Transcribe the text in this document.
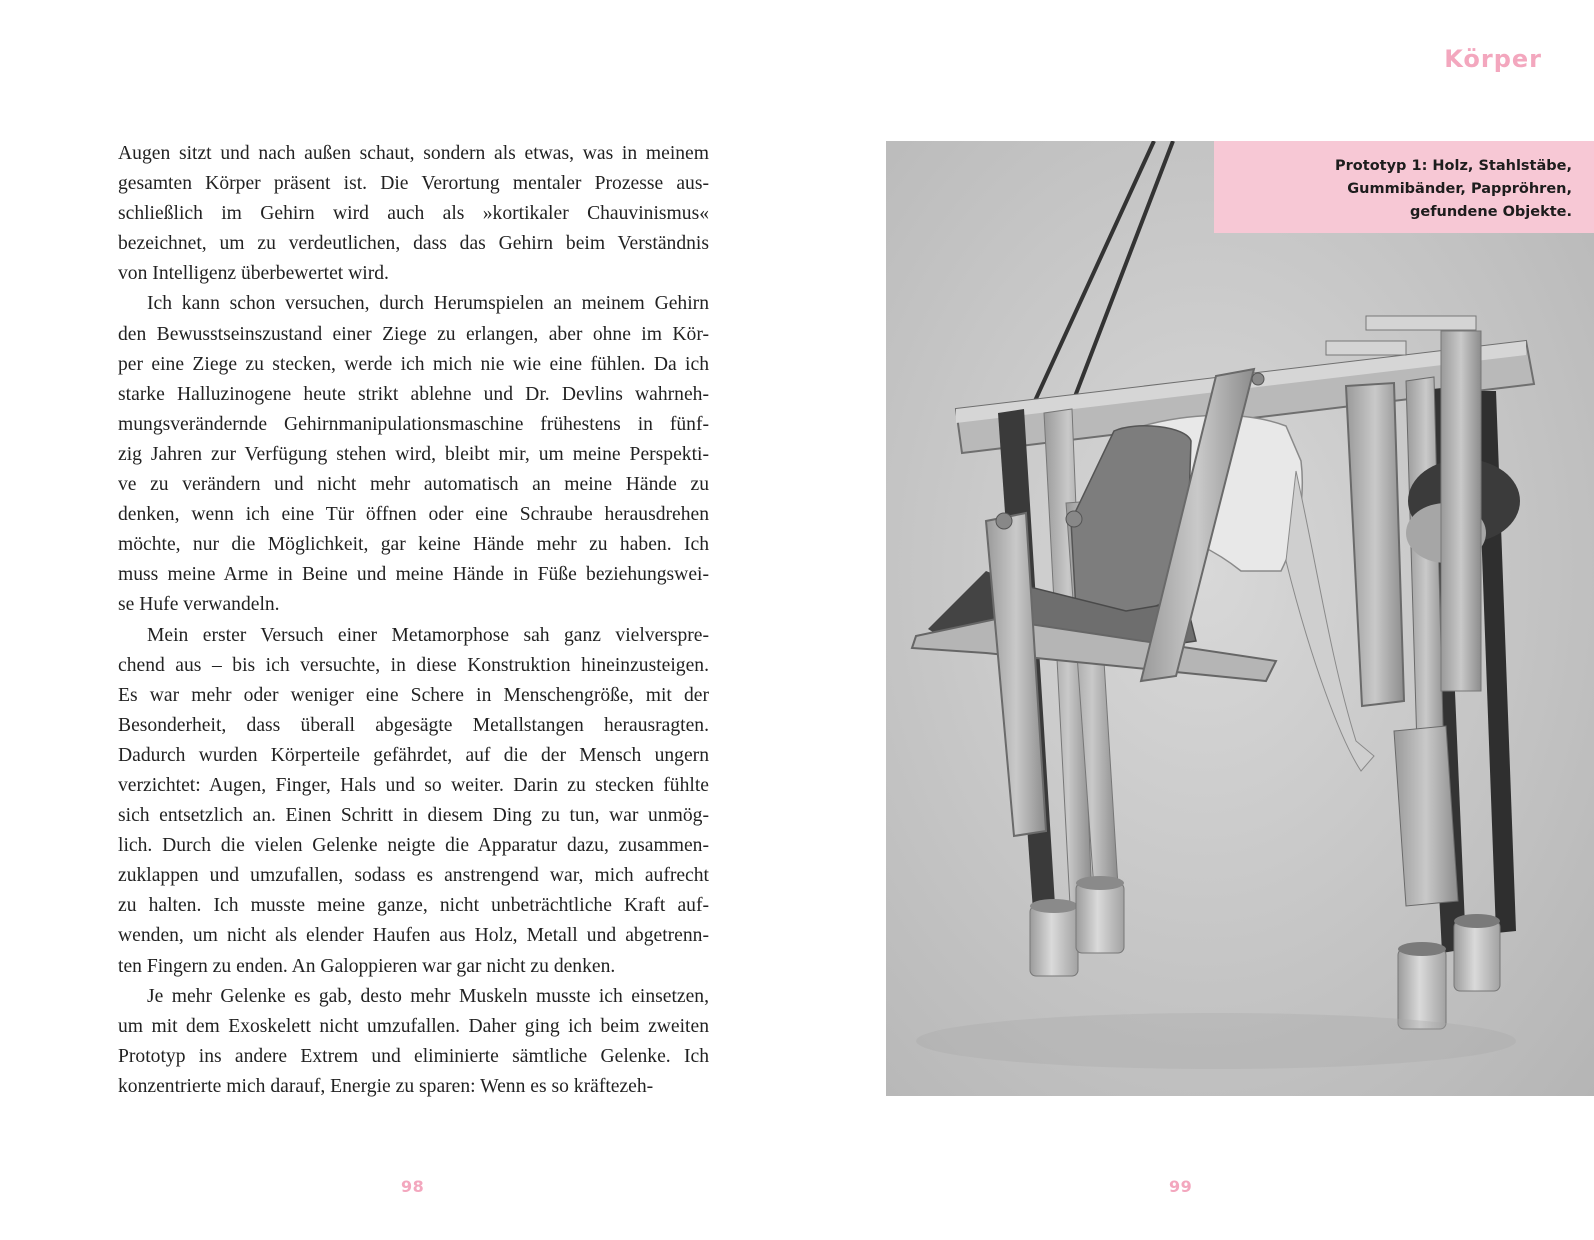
Augen sitzt und nach außen schaut, sondern als etwas, was in meinem
gesamten Körper präsent ist. Die Verortung mentaler Prozesse aus-
schließlich im Gehirn wird auch als »kortikaler Chauvinismus«
bezeichnet, um zu verdeutlichen, dass das Gehirn beim Verständnis
von Intelligenz überbewertet wird.

Ich kann schon versuchen, durch Herumspielen an meinem Gehirn
den Bewusstseinszustand einer Ziege zu erlangen, aber ohne im Kör-
per eine Ziege zu stecken, werde ich mich nie wie eine fühlen. Da ich
starke Halluzinogene heute strikt ablehne und Dr. Devlins wahrneh-
mungsverändernde Gehirnmanipulationsmaschine frühestens in fünf-
zig Jahren zur Verfügung stehen wird, bleibt mir, um meine Perspekti-
ve zu verändern und nicht mehr automatisch an meine Hände zu
denken, wenn ich eine Tür öffnen oder eine Schraube herausdrehen
möchte, nur die Möglichkeit, gar keine Hände mehr zu haben. Ich
muss meine Arme in Beine und meine Hände in Füße beziehungswei-
se Hufe verwandeln.

Mein erster Versuch einer Metamorphose sah ganz vielverspre-
chend aus – bis ich versuchte, in diese Konstruktion hineinzusteigen.
Es war mehr oder weniger eine Schere in Menschengröße, mit der
Besonderheit, dass überall abgesägte Metallstangen herausragten.
Dadurch wurden Körperteile gefährdet, auf die der Mensch ungern
verzichtet: Augen, Finger, Hals und so weiter. Darin zu stecken fühlte
sich entsetzlich an. Einen Schritt in diesem Ding zu tun, war unmög-
lich. Durch die vielen Gelenke neigte die Apparatur dazu, zusammen-
zuklappen und umzufallen, sodass es anstrengend war, mich aufrecht
zu halten. Ich musste meine ganze, nicht unbeträchtliche Kraft auf-
wenden, um nicht als elender Haufen aus Holz, Metall und abgetrenn-
ten Fingern zu enden. An Galoppieren war gar nicht zu denken.

Je mehr Gelenke es gab, desto mehr Muskeln musste ich einsetzen,
um mit dem Exoskelett nicht umzufallen. Daher ging ich beim zweiten
Prototyp ins andere Extrem und eliminierte sämtliche Gelenke. Ich
konzentrierte mich darauf, Energie zu sparen: Wenn es so kräftezeh-

98
Körper
Prototyp 1: Holz, Stahlstäbe,
Gummibänder, Pappröhren,
gefundene Objekte.
99
